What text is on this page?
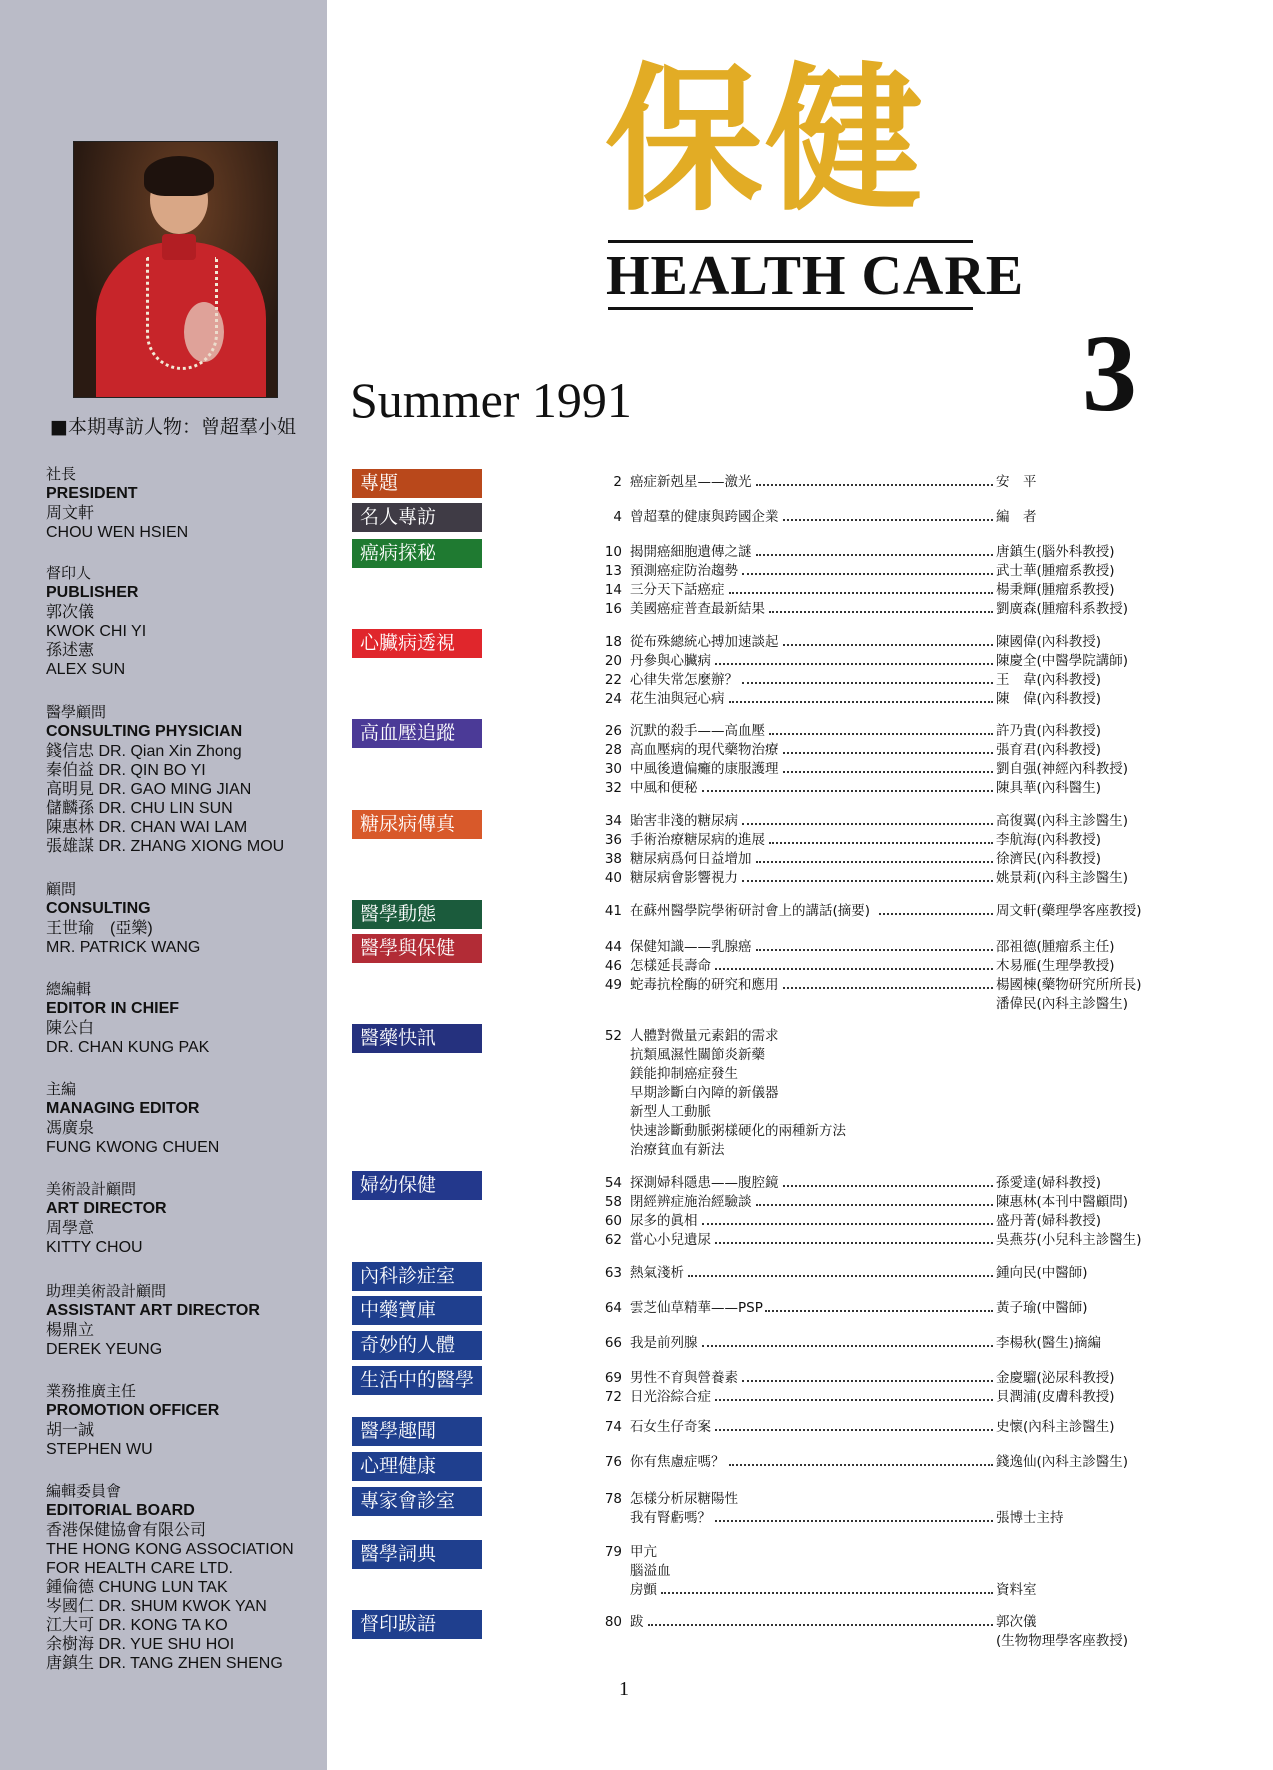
■本期專訪人物：曾超羣小姐
社長
PRESIDENT
周文軒
CHOU WEN HSIEN
督印人
PUBLISHER
郭次儀
KWOK CHI YI
孫述憲
ALEX SUN
醫學顧問
CONSULTING PHYSICIAN
錢信忠 DR. Qian Xin Zhong
秦伯益 DR. QIN BO YI
高明見 DR. GAO MING JIAN
儲麟孫 DR. CHU LIN SUN
陳惠林 DR. CHAN WAI LAM
張雄謀 DR. ZHANG XIONG MOU
顧問
CONSULTING
王世瑜　(亞樂)
MR. PATRICK WANG
總編輯
EDITOR IN CHIEF
陳公白
DR. CHAN KUNG PAK
主編
MANAGING EDITOR
馮廣泉
FUNG KWONG CHUEN
美術設計顧問
ART DIRECTOR
周學意
KITTY CHOU
助理美術設計顧問
ASSISTANT ART DIRECTOR
楊鼎立
DEREK YEUNG
業務推廣主任
PROMOTION OFFICER
胡一誠
STEPHEN WU
編輯委員會
EDITORIAL BOARD
香港保健協會有限公司
THE HONG KONG ASSOCIATION
FOR HEALTH CARE LTD.
鍾倫德 CHUNG LUN TAK
岑國仁 DR. SHUM KWOK YAN
江大可 DR. KONG TA KO
余樹海 DR. YUE SHU HOI
唐鎮生 DR. TANG ZHEN SHENG
保健
HEALTH CARE
Summer 1991	3
專題
名人專訪
癌病探秘
心臟病透視
高血壓追蹤
糖尿病傳真
醫學動態
醫學與保健
醫藥快訊
婦幼保健
內科診症室
中藥寶庫
奇妙的人體
生活中的醫學
醫學趣聞
心理健康
專家會診室
醫學詞典
督印跋語
2 癌症新剋星——激光	安　平
4 曾超羣的健康與跨國企業	編　者
10 揭開癌細胞遺傳之謎	唐鎮生(腦外科教授)
13 預測癌症防治趨勢	武士華(腫瘤系教授)
14 三分天下話癌症	楊秉輝(腫瘤系教授)
16 美國癌症普查最新結果	劉廣森(腫瘤科系教授)
18 從布殊總統心搏加速談起	陳國偉(內科教授)
20 丹參與心臟病	陳慶全(中醫學院講師)
22 心律失常怎麼辦？	王　韋(內科教授)
24 花生油與冠心病	陳　偉(內科教授)
26 沉默的殺手——高血壓	許乃貴(內科教授)
28 高血壓病的現代藥物治療	張育君(內科教授)
30 中風後遺偏癱的康服護理	劉自强(神經內科教授)
32 中風和便秘	陳具華(內科醫生)
34 貽害非淺的糖尿病	高復翼(內科主診醫生)
36 手術治療糖尿病的進展	李航海(內科教授)
38 糖尿病爲何日益增加	徐濟民(內科教授)
40 糖尿病會影響視力	姚景莉(內科主診醫生)
41 在蘇州醫學院學術研討會上的講話(摘要)	周文軒(藥理學客座教授)
44 保健知識——乳腺癌	邵祖德(腫瘤系主任)
46 怎樣延長壽命	木易雁(生理學教授)
49 蛇毒抗栓酶的研究和應用	楊國棟(藥物研究所所長)
潘偉民(內科主診醫生)
52 人體對微量元素鋁的需求
抗類風濕性關節炎新藥
鎂能抑制癌症發生
早期診斷白內障的新儀器
新型人工動脈
快速診斷動脈粥樣硬化的兩種新方法
治療貧血有新法
54 探測婦科隱患——腹腔鏡	孫愛達(婦科教授)
58 閉經辨症施治經驗談	陳惠林(本刊中醫顧問)
60 尿多的眞相	盛丹菁(婦科教授)
62 當心小兒遺尿	吳燕芬(小兒科主診醫生)
63 熱氣淺析	鍾向民(中醫師)
64 雲芝仙草精華——PSP	黃子瑜(中醫師)
66 我是前列腺	李楊秋(醫生)摘編
69 男性不育與營養素	金慶騮(泌尿科教授)
72 日光浴綜合症	貝潤浦(皮膚科教授)
74 石女生仔奇案	史懷(內科主診醫生)
76 你有焦慮症嗎？	錢逸仙(內科主診醫生)
78 怎樣分析尿糖陽性
我有腎虧嗎？	張博士主持
79 甲亢
腦溢血
房顫	資料室
80 跋	郭次儀
(生物物理學客座教授)
1
